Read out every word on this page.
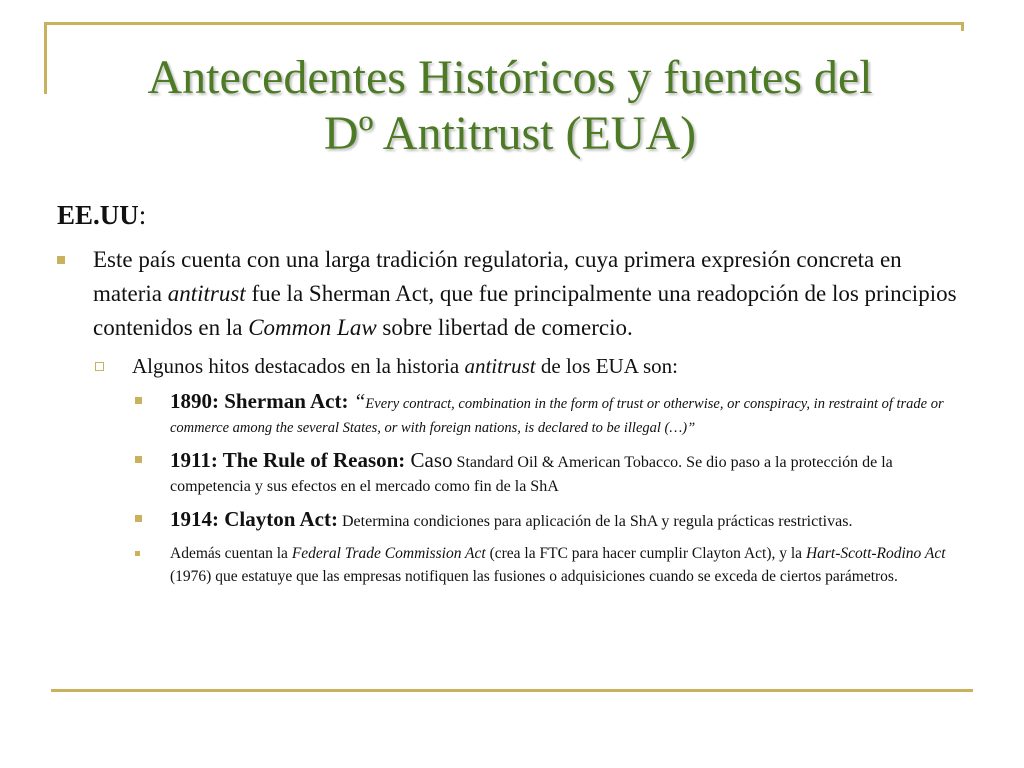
Antecedentes Históricos y fuentes del
Dº Antitrust (EUA)
EE.UU:
Este país cuenta con una larga tradición regulatoria, cuya primera expresión concreta en materia antitrust fue la Sherman Act, que fue principalmente una readopción de los principios contenidos en la Common Law sobre libertad de comercio.
Algunos hitos destacados en la historia antitrust de los EUA son:
1890: Sherman Act: “Every contract, combination in the form of trust or otherwise, or conspiracy, in restraint of trade or commerce among the several States, or with foreign nations, is declared to be illegal (…)”
1911: The Rule of Reason: Caso Standard Oil & American Tobacco. Se dio paso a la protección de la competencia y sus efectos en el mercado como fin de la ShA
1914: Clayton Act: Determina condiciones para aplicación de la ShA y regula prácticas restrictivas.
Además cuentan la Federal Trade Commission Act (crea la FTC para hacer cumplir Clayton Act), y la Hart-Scott-Rodino Act (1976) que estatuye que las empresas notifiquen las fusiones o adquisiciones cuando se exceda de ciertos parámetros.
